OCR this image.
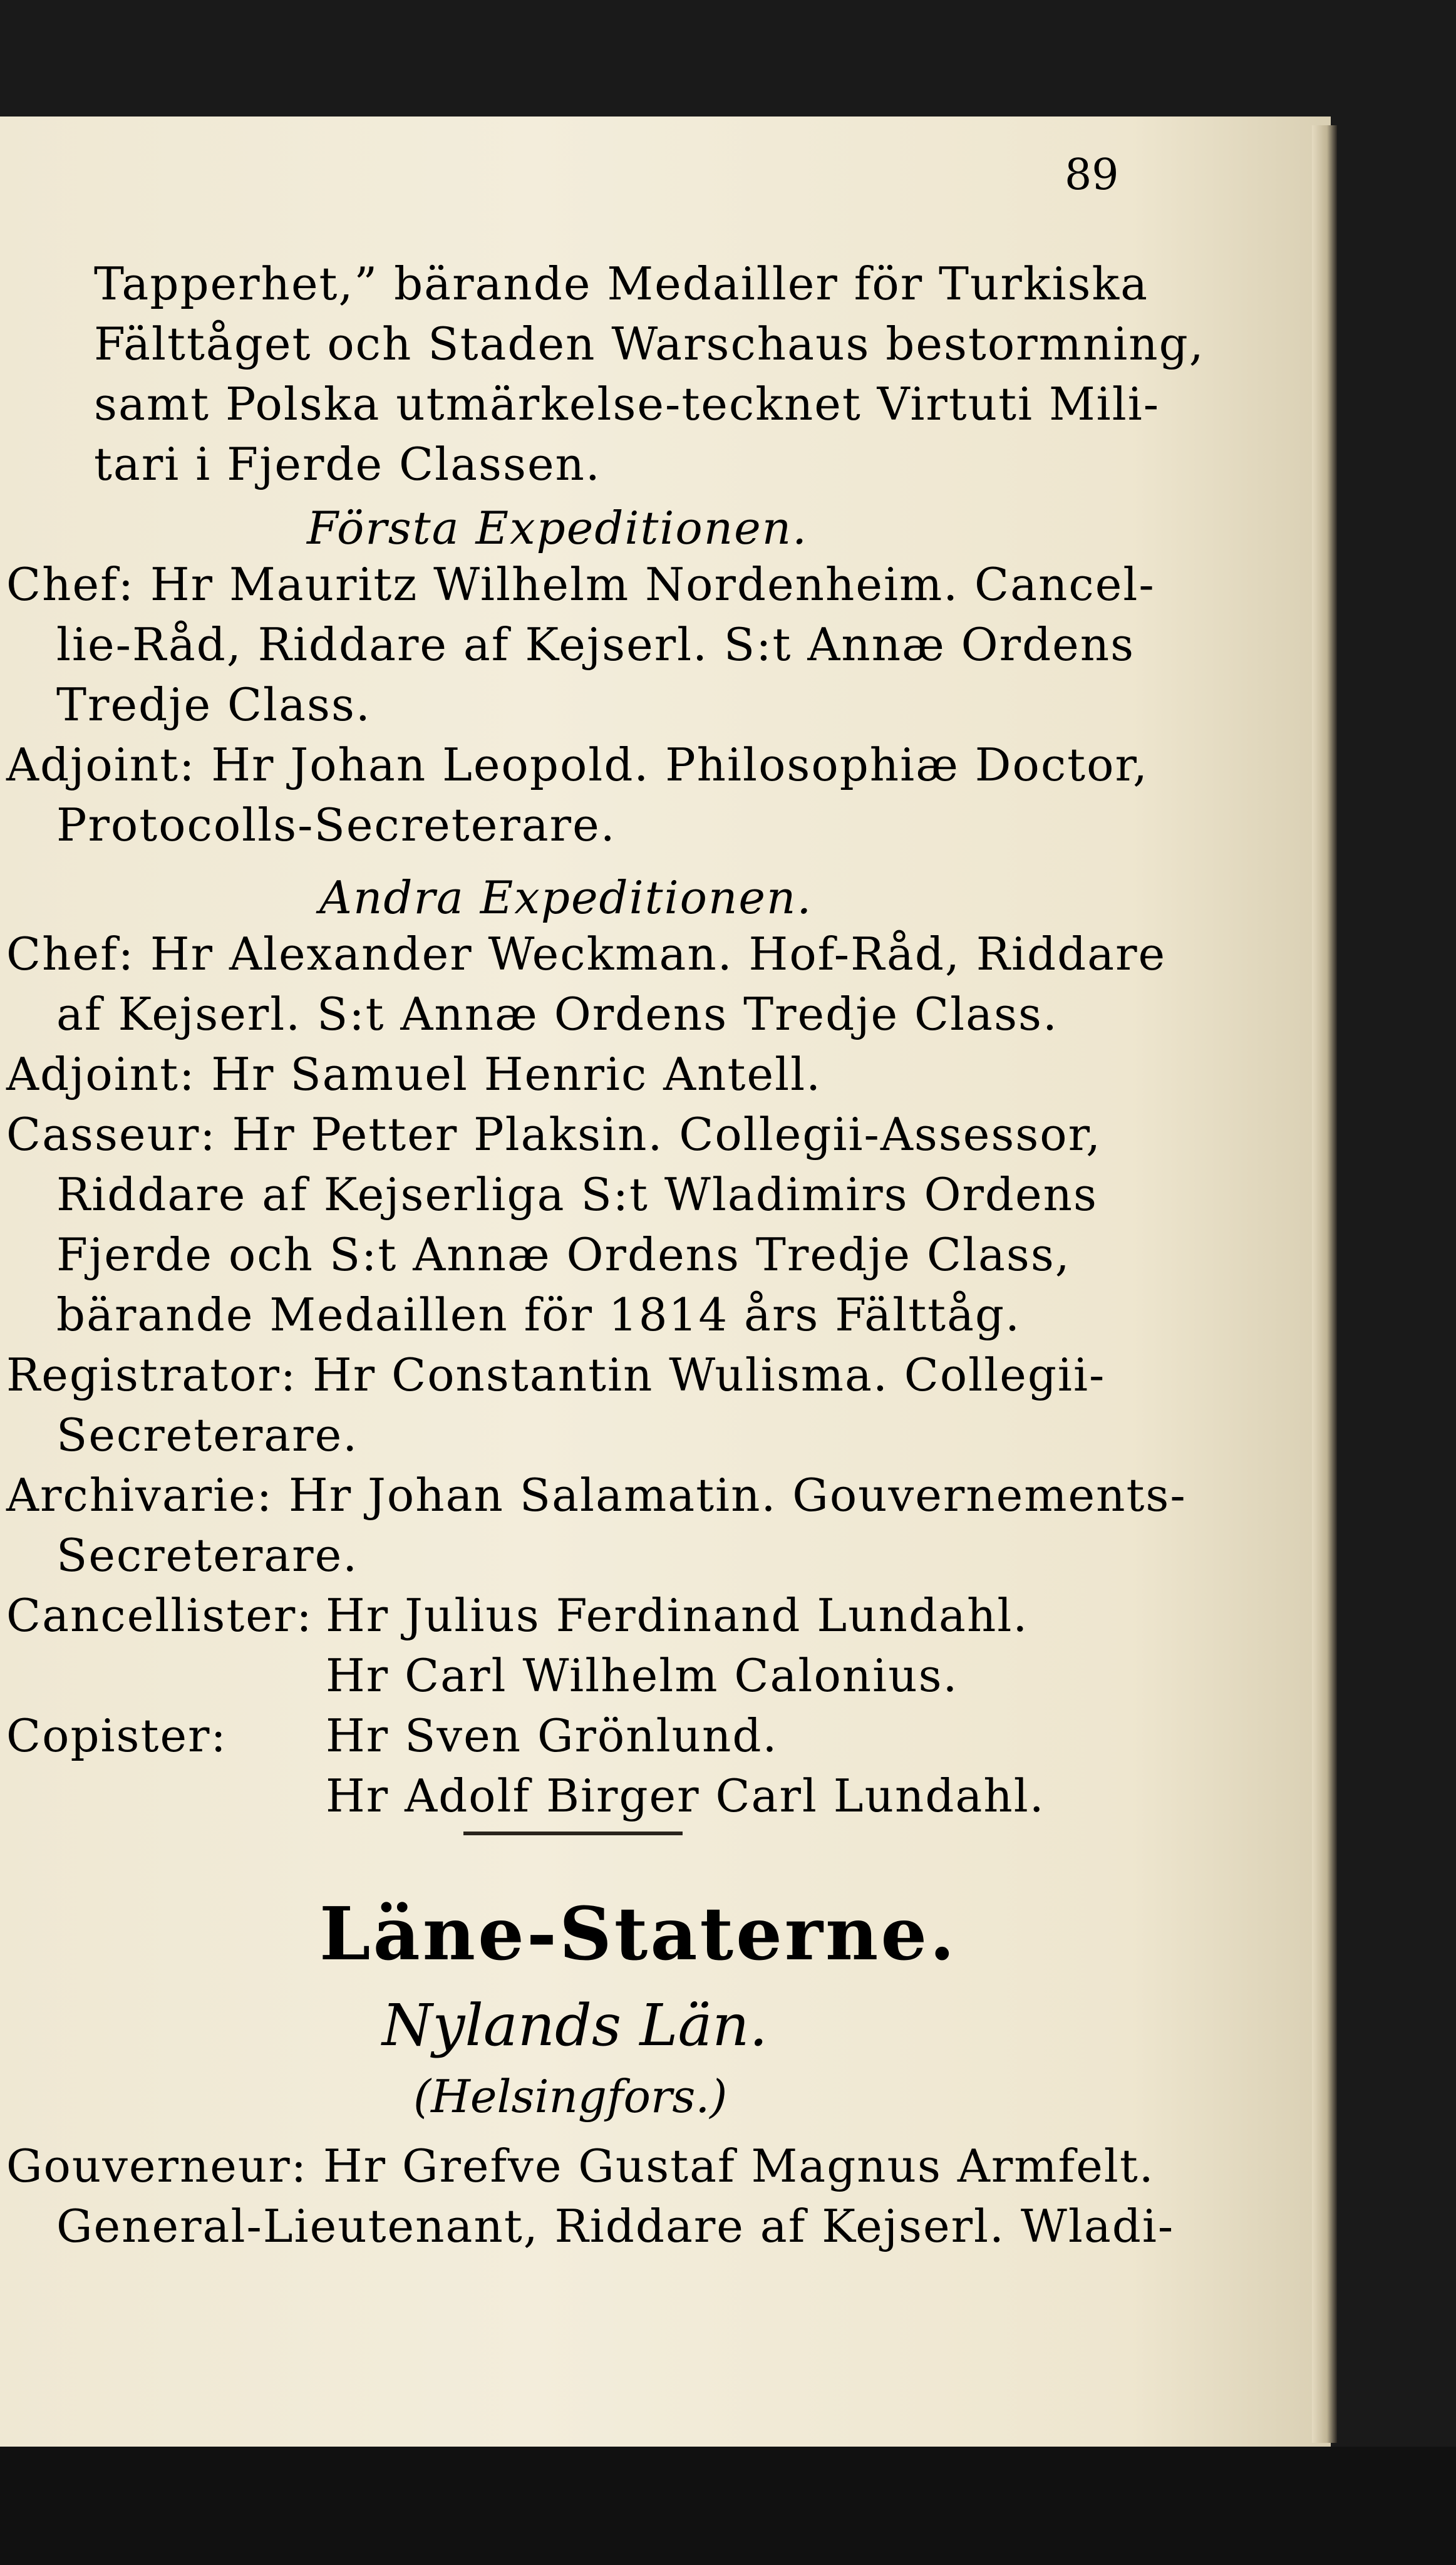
89
Tapperhet,” bärande Medailler för Turkiska
Fälttåget och Staden Warschaus bestormning,
samt Polska utmärkelse-tecknet Virtuti Mili-
tari i Fjerde Classen.
Första Expeditionen.
Chef: Hr Mauritz Wilhelm Nordenheim. Cancel-
lie-Råd, Riddare af Kejserl. S:t Annæ Ordens
Tredje Class.
Adjoint: Hr Johan Leopold. Philosophiæ Doctor,
Protocolls-Secreterare.
Andra Expeditionen.
Chef: Hr Alexander Weckman. Hof-Råd, Riddare
af Kejserl. S:t Annæ Ordens Tredje Class.
Adjoint: Hr Samuel Henric Antell.
Casseur: Hr Petter Plaksin. Collegii-Assessor,
Riddare af Kejserliga S:t Wladimirs Ordens
Fjerde och S:t Annæ Ordens Tredje Class,
bärande Medaillen för 1814 års Fälttåg.
Registrator: Hr Constantin Wulisma. Collegii-
Secreterare.
Archivarie: Hr Johan Salamatin. Gouvernements-
Secreterare.
Cancellister: Hr Julius Ferdinand Lundahl.
Hr Carl Wilhelm Calonius.
Copister: Hr Sven Grönlund.
Hr Adolf Birger Carl Lundahl.
Läne-Staterne.
Nylands Län.
(Helsingfors.)
Gouverneur: Hr Grefve Gustaf Magnus Armfelt.
General-Lieutenant, Riddare af Kejserl. Wladi-
